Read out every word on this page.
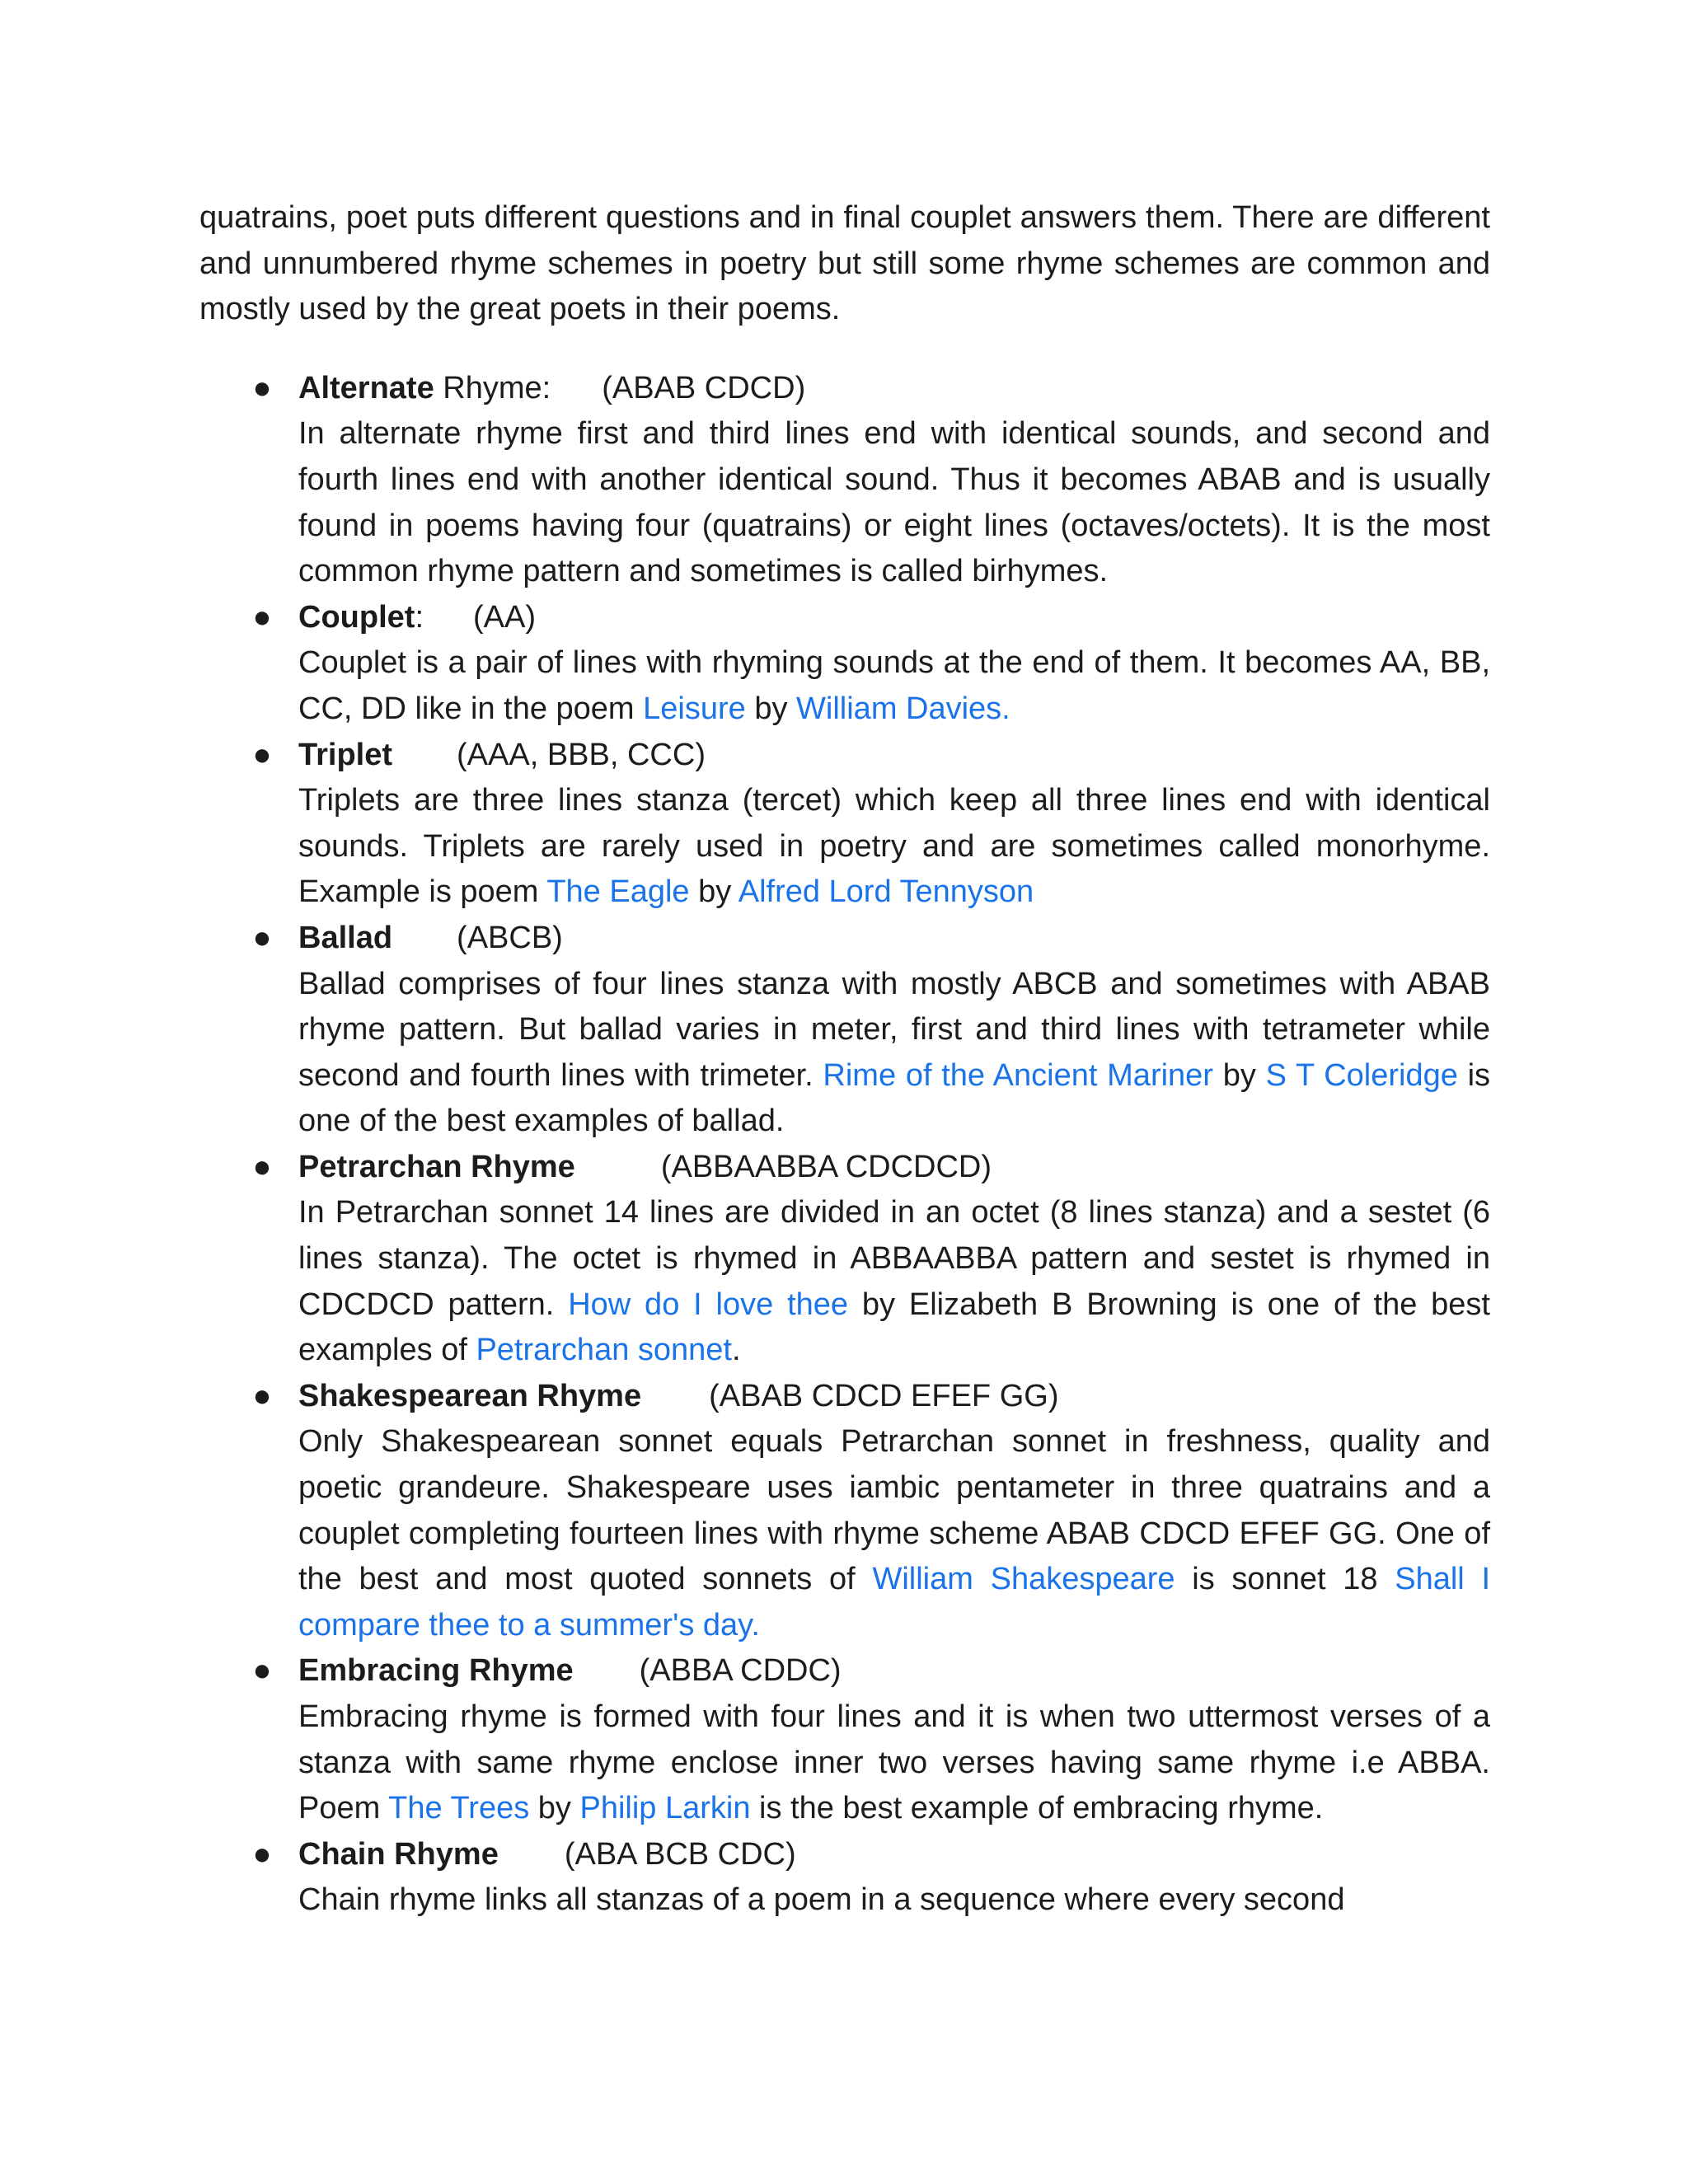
quatrains, poet puts different questions and in final couplet answers them. There are different and unnumbered rhyme schemes in poetry but still some rhyme schemes are common and mostly used by the great poets in their poems.

● Alternate Rhyme: (ABAB CDCD)
In alternate rhyme first and third lines end with identical sounds, and second and fourth lines end with another identical sound. Thus it becomes ABAB and is usually found in poems having four (quatrains) or eight lines (octaves/octets). It is the most common rhyme pattern and sometimes is called birhymes.
● Couplet: (AA)
Couplet is a pair of lines with rhyming sounds at the end of them. It becomes AA, BB, CC, DD like in the poem Leisure by William Davies.
● Triplet (AAA, BBB, CCC)
Triplets are three lines stanza (tercet) which keep all three lines end with identical sounds. Triplets are rarely used in poetry and are sometimes called monorhyme. Example is poem The Eagle by Alfred Lord Tennyson
● Ballad (ABCB)
Ballad comprises of four lines stanza with mostly ABCB and sometimes with ABAB rhyme pattern. But ballad varies in meter, first and third lines with tetrameter while second and fourth lines with trimeter. Rime of the Ancient Mariner by S T Coleridge is one of the best examples of ballad.
● Petrarchan Rhyme	(ABBAABBA CDCDCD)
In Petrarchan sonnet 14 lines are divided in an octet (8 lines stanza) and a sestet (6 lines stanza). The octet is rhymed in ABBAABBA pattern and sestet is rhymed in CDCDCD pattern. How do I love thee by Elizabeth B Browning is one of the best examples of Petrarchan sonnet.
● Shakespearean Rhyme (ABAB CDCD EFEF GG)
Only Shakespearean sonnet equals Petrarchan sonnet in freshness, quality and poetic grandeure. Shakespeare uses iambic pentameter in three quatrains and a couplet completing fourteen lines with rhyme scheme ABAB CDCD EFEF GG. One of the best and most quoted sonnets of William Shakespeare is sonnet 18 Shall I compare thee to a summer's day.
● Embracing Rhyme (ABBA CDDC)
Embracing rhyme is formed with four lines and it is when two uttermost verses of a stanza with same rhyme enclose inner two verses having same rhyme i.e ABBA. Poem The Trees by Philip Larkin is the best example of embracing rhyme.
● Chain Rhyme (ABA BCB CDC)
Chain rhyme links all stanzas of a poem in a sequence where every second
